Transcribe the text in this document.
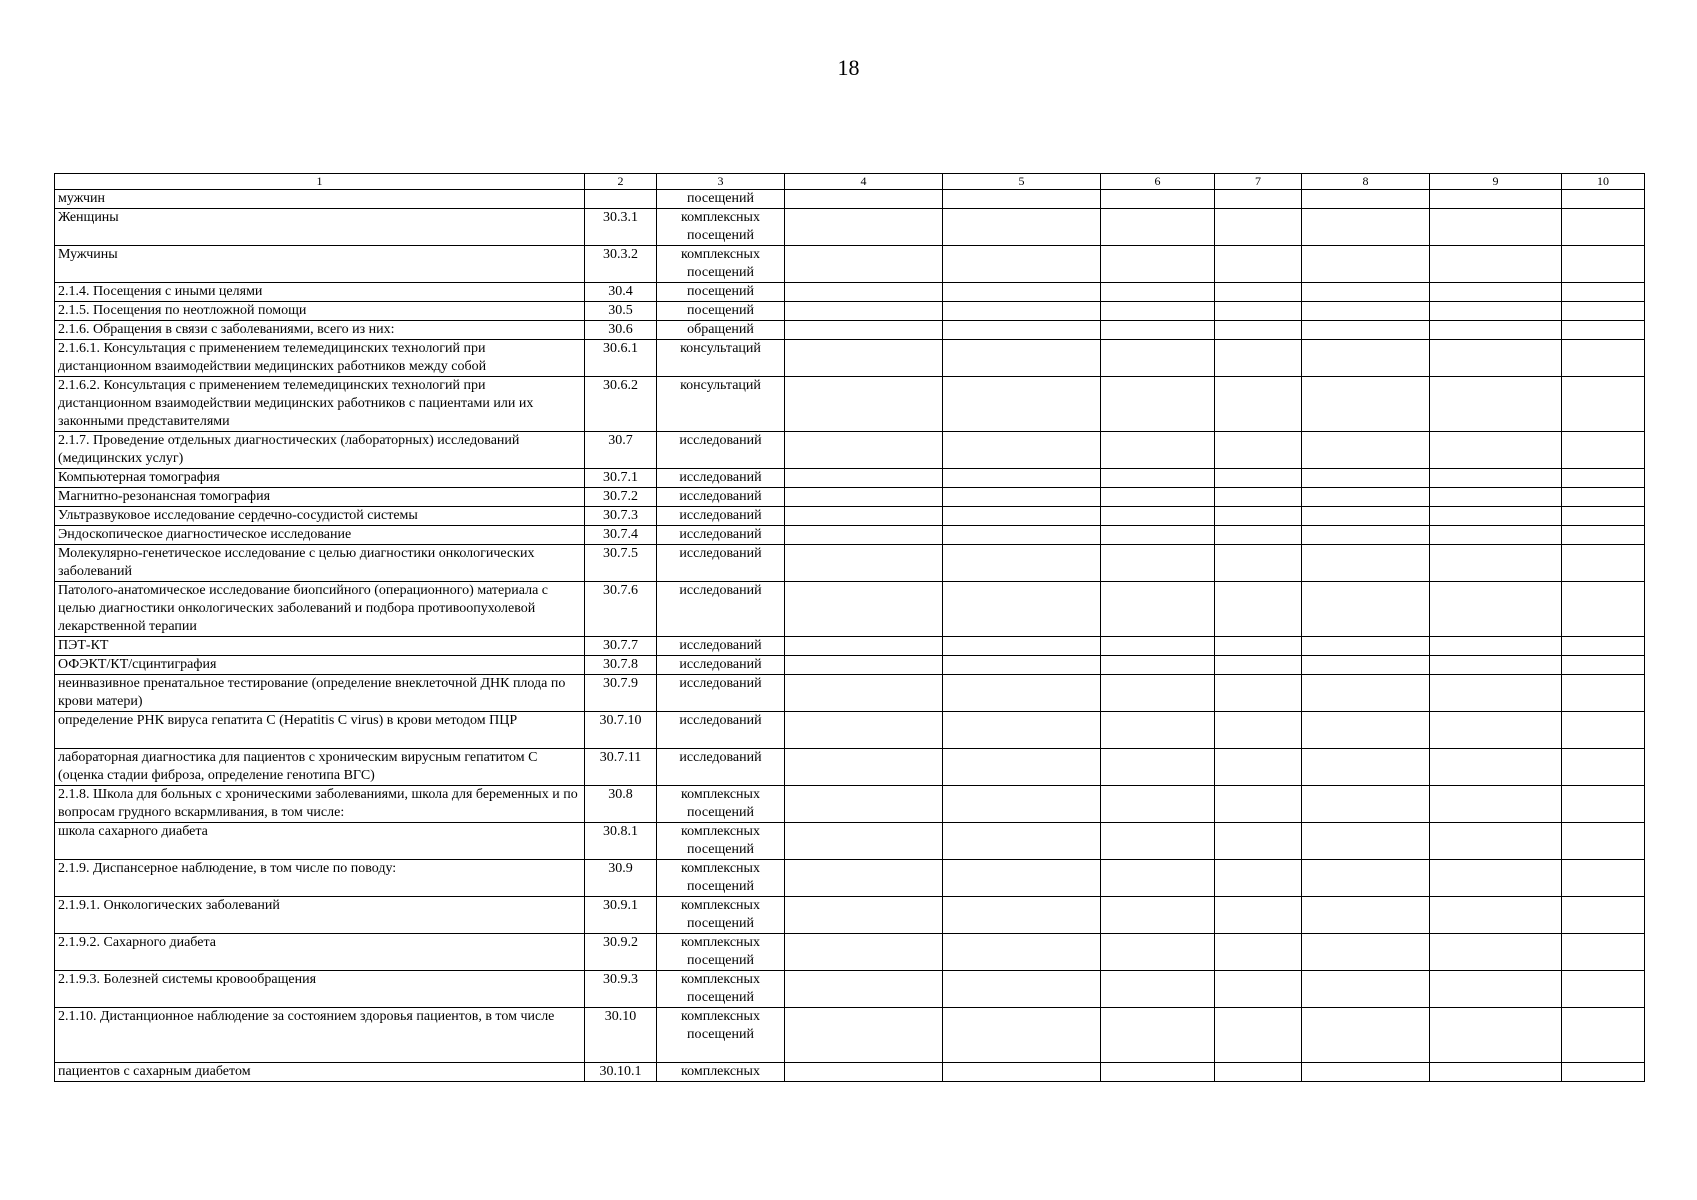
18
1	2	3	4	5	6	7	8	9	10
мужчин		посещений							
Женщины	30.3.1	комплексных посещений							
Мужчины	30.3.2	комплексных посещений							
2.1.4. Посещения с иными целями	30.4	посещений							
2.1.5. Посещения по неотложной помощи	30.5	посещений							
2.1.6. Обращения в связи с заболеваниями, всего из них:	30.6	обращений							
2.1.6.1. Консультация с применением телемедицинских технологий при дистанционном взаимодействии медицинских работников между собой	30.6.1	консультаций							
2.1.6.2. Консультация с применением телемедицинских технологий при дистанционном взаимодействии медицинских работников с пациентами или их законными представителями	30.6.2	консультаций							
2.1.7. Проведение отдельных диагностических (лабораторных) исследований (медицинских услуг)	30.7	исследований							
Компьютерная томография	30.7.1	исследований							
Магнитно-резонансная томография	30.7.2	исследований							
Ультразвуковое исследование сердечно-сосудистой системы	30.7.3	исследований							
Эндоскопическое диагностическое исследование	30.7.4	исследований							
Молекулярно-генетическое исследование с целью диагностики онкологических заболеваний	30.7.5	исследований							
Патолого-анатомическое исследование биопсийного (операционного) материала с целью диагностики онкологических заболеваний и подбора противоопухолевой лекарственной терапии	30.7.6	исследований							
ПЭТ-КТ	30.7.7	исследований							
ОФЭКТ/КТ/сцинтиграфия	30.7.8	исследований							
неинвазивное пренатальное тестирование (определение внеклеточной ДНК плода по крови матери)	30.7.9	исследований							
определение РНК вируса гепатита С (Hepatitis C virus) в крови методом ПЦР	30.7.10	исследований							
лабораторная диагностика для пациентов с хроническим вирусным гепатитом С (оценка стадии фиброза, определение генотипа ВГС)	30.7.11	исследований							
2.1.8. Школа для больных с хроническими заболеваниями, школа для беременных и по вопросам грудного вскармливания, в том числе:	30.8	комплексных посещений							
школа сахарного диабета	30.8.1	комплексных посещений							
2.1.9. Диспансерное наблюдение, в том числе по поводу:	30.9	комплексных посещений							
2.1.9.1. Онкологических заболеваний	30.9.1	комплексных посещений							
2.1.9.2. Сахарного диабета	30.9.2	комплексных посещений							
2.1.9.3. Болезней системы кровообращения	30.9.3	комплексных посещений							
2.1.10. Дистанционное наблюдение за состоянием здоровья пациентов, в том числе	30.10	комплексных посещений							
пациентов с сахарным диабетом	30.10.1	комплексных							
